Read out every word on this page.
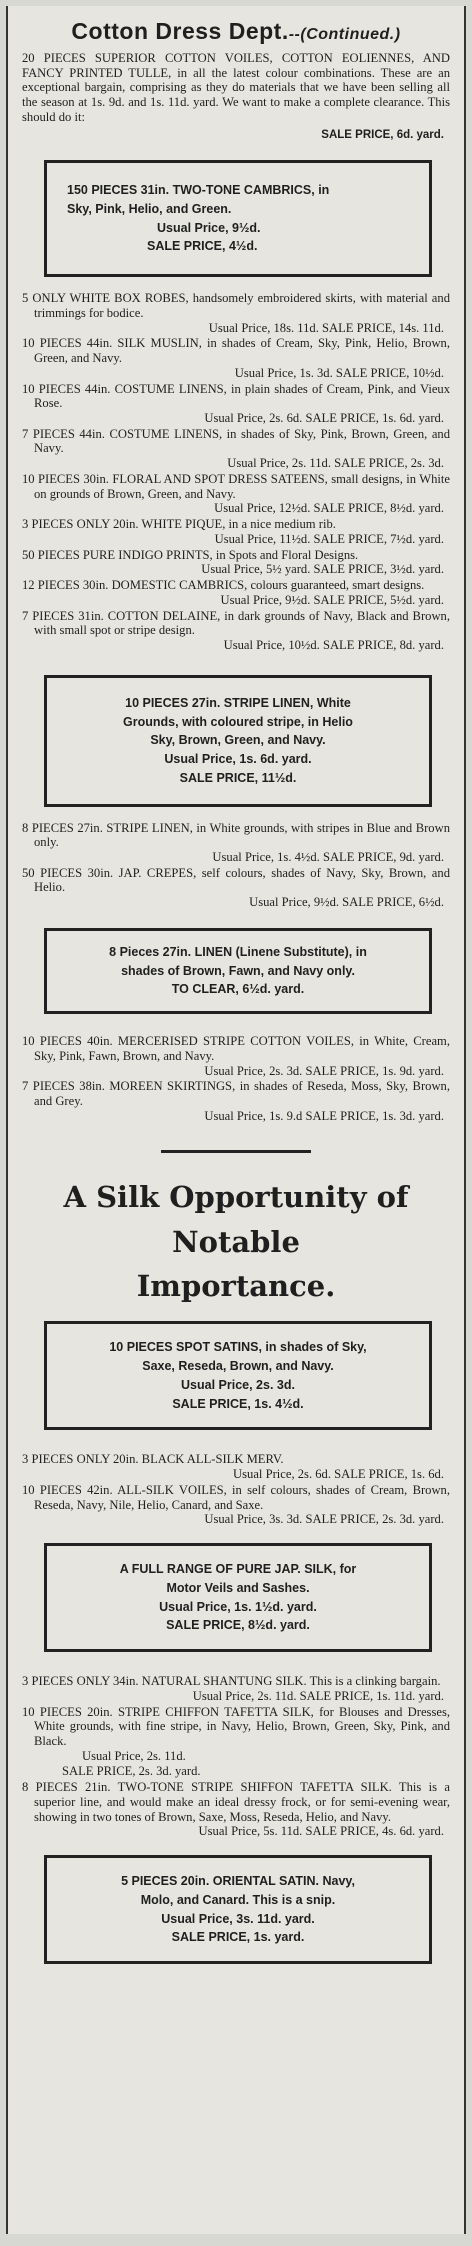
Cotton Dress Dept.--(Continued.)

20 PIECES SUPERIOR COTTON VOILES, COTTON EOLIENNES, AND FANCY PRINTED TULLE, in all the latest colour combinations. These are an exceptional bargain, comprising as they do materials that we have been selling all the season at 1s. 9d. and 1s. 11d. yard. We want to make a complete clearance. This should do it:

SALE PRICE, 6d. yard.
150 PIECES 31in. TWO-TONE CAMBRICS, in
Sky, Pink, Helio, and Green.
Usual Price, 9½d.
SALE PRICE, 4½d.

5 ONLY WHITE BOX ROBES, handsomely embroidered skirts, with material and trimmings for bodice.

Usual Price, 18s. 11d. SALE PRICE, 14s. 11d.

10 PIECES 44in. SILK MUSLIN, in shades of Cream, Sky, Pink, Helio, Brown, Green, and Navy.

Usual Price, 1s. 3d. SALE PRICE, 10½d.

10 PIECES 44in. COSTUME LINENS, in plain shades of Cream, Pink, and Vieux Rose.

Usual Price, 2s. 6d. SALE PRICE, 1s. 6d. yard.

7 PIECES 44in. COSTUME LINENS, in shades of Sky, Pink, Brown, Green, and Navy.

Usual Price, 2s. 11d. SALE PRICE, 2s. 3d.

10 PIECES 30in. FLORAL AND SPOT DRESS SATEENS, small designs, in White on grounds of Brown, Green, and Navy.

Usual Price, 12½d. SALE PRICE, 8½d. yard.

3 PIECES ONLY 20in. WHITE PIQUE, in a nice medium rib.

Usual Price, 11½d. SALE PRICE, 7½d. yard.

50 PIECES PURE INDIGO PRINTS, in Spots and Floral Designs.

Usual Price, 5½ yard. SALE PRICE, 3½d. yard.

12 PIECES 30in. DOMESTIC CAMBRICS, colours guaranteed, smart designs.

Usual Price, 9½d. SALE PRICE, 5½d. yard.

7 PIECES 31in. COTTON DELAINE, in dark grounds of Navy, Black and Brown, with small spot or stripe design.

Usual Price, 10½d. SALE PRICE, 8d. yard.
10 PIECES 27in. STRIPE LINEN, White
Grounds, with coloured stripe, in Helio
Sky, Brown, Green, and Navy.
Usual Price, 1s. 6d. yard.
SALE PRICE, 11½d.

8 PIECES 27in. STRIPE LINEN, in White grounds, with stripes in Blue and Brown only.

Usual Price, 1s. 4½d. SALE PRICE, 9d. yard.

50 PIECES 30in. JAP. CREPES, self colours, shades of Navy, Sky, Brown, and Helio.

Usual Price, 9½d. SALE PRICE, 6½d.
8 Pieces 27in. LINEN (Linene Substitute), in
shades of Brown, Fawn, and Navy only.
TO CLEAR, 6½d. yard.

10 PIECES 40in. MERCERISED STRIPE COTTON VOILES, in White, Cream, Sky, Pink, Fawn, Brown, and Navy.

Usual Price, 2s. 3d. SALE PRICE, 1s. 9d. yard.

7 PIECES 38in. MOREEN SKIRTINGS, in shades of Reseda, Moss, Sky, Brown, and Grey.

Usual Price, 1s. 9.d SALE PRICE, 1s. 3d. yard.
A Silk Opportunity of Notable
Importance.
10 PIECES SPOT SATINS, in shades of Sky,
Saxe, Reseda, Brown, and Navy.
Usual Price, 2s. 3d.
SALE PRICE, 1s. 4½d.

3 PIECES ONLY 20in. BLACK ALL-SILK MERV.

Usual Price, 2s. 6d. SALE PRICE, 1s. 6d.

10 PIECES 42in. ALL-SILK VOILES, in self colours, shades of Cream, Brown, Reseda, Navy, Nile, Helio, Canard, and Saxe.

Usual Price, 3s. 3d. SALE PRICE, 2s. 3d. yard.
A FULL RANGE OF PURE JAP. SILK, for
Motor Veils and Sashes.
Usual Price, 1s. 1½d. yard.
SALE PRICE, 8½d. yard.

3 PIECES ONLY 34in. NATURAL SHANTUNG SILK. This is a clinking bargain.

Usual Price, 2s. 11d. SALE PRICE, 1s. 11d. yard.

10 PIECES 20in. STRIPE CHIFFON TAFETTA SILK, for Blouses and Dresses, White grounds, with fine stripe, in Navy, Helio, Brown, Green, Sky, Pink, and Black.

Usual Price, 2s. 11d.
SALE PRICE, 2s. 3d. yard.

8 PIECES 21in. TWO-TONE STRIPE SHIFFON TAFETTA SILK. This is a superior line, and would make an ideal dressy frock, or for semi-evening wear, showing in two tones of Brown, Saxe, Moss, Reseda, Helio, and Navy.

Usual Price, 5s. 11d. SALE PRICE, 4s. 6d. yard.
5 PIECES 20in. ORIENTAL SATIN. Navy,
Molo, and Canard. This is a snip.
Usual Price, 3s. 11d. yard.
SALE PRICE, 1s. yard.
